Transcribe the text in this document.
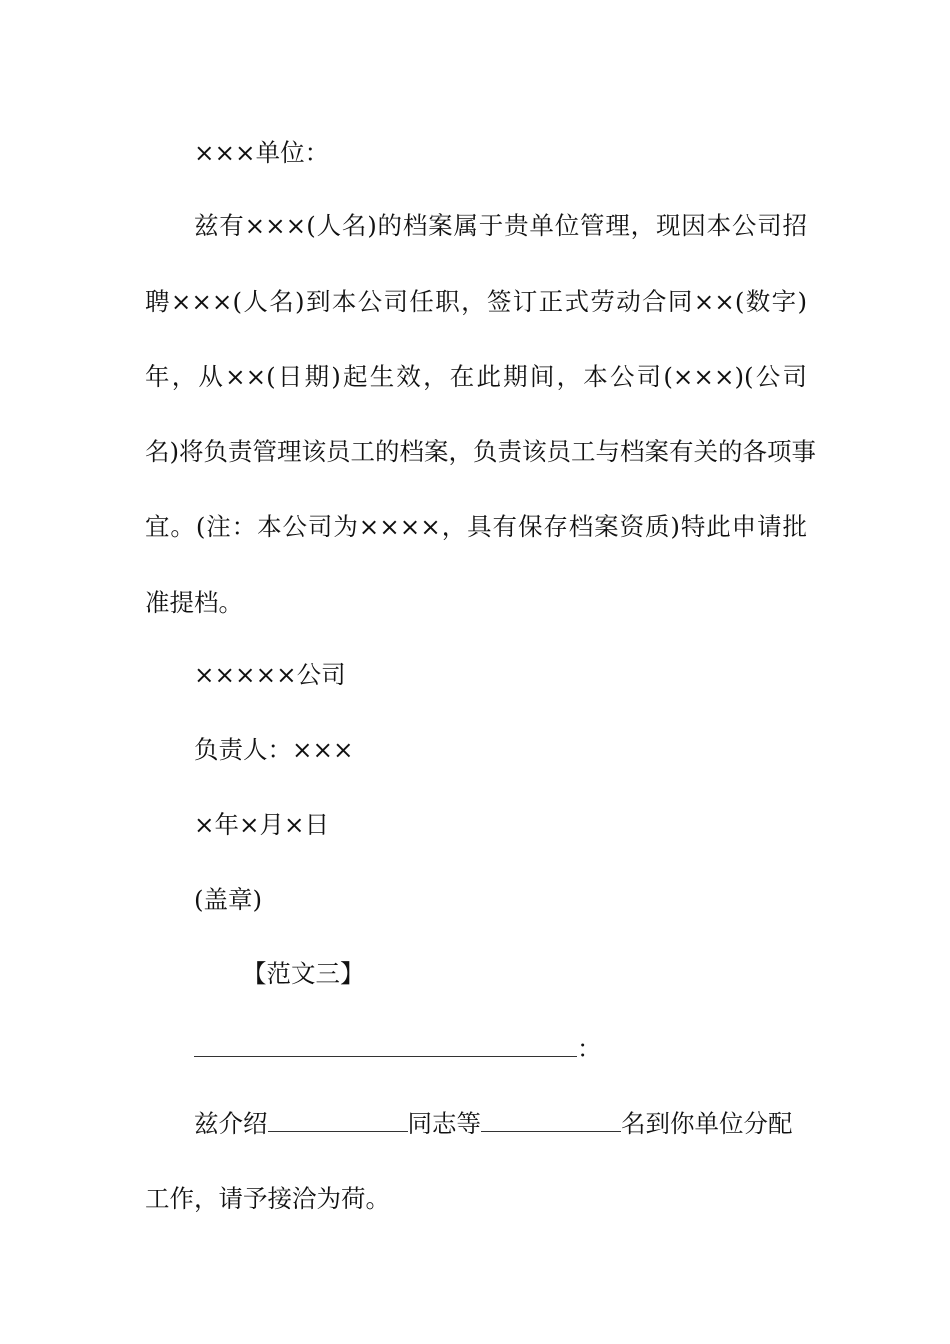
×××单位：

兹有×××(人名)的档案属于贵单位管理，现因本公司招

聘×××(人名)到本公司任职，签订正式劳动合同××(数字)

年，从××(日期)起生效，在此期间，本公司(×××)(公司

名)将负责管理该员工的档案，负责该员工与档案有关的各项事

宜。(注：本公司为××××，具有保存档案资质)特此申请批

准提档。

×××××公司

负责人：×××

×年×月×日

(盖章)

【范文三】

：

兹介绍	同志等	名到你单位分配

工作，请予接洽为荷。
